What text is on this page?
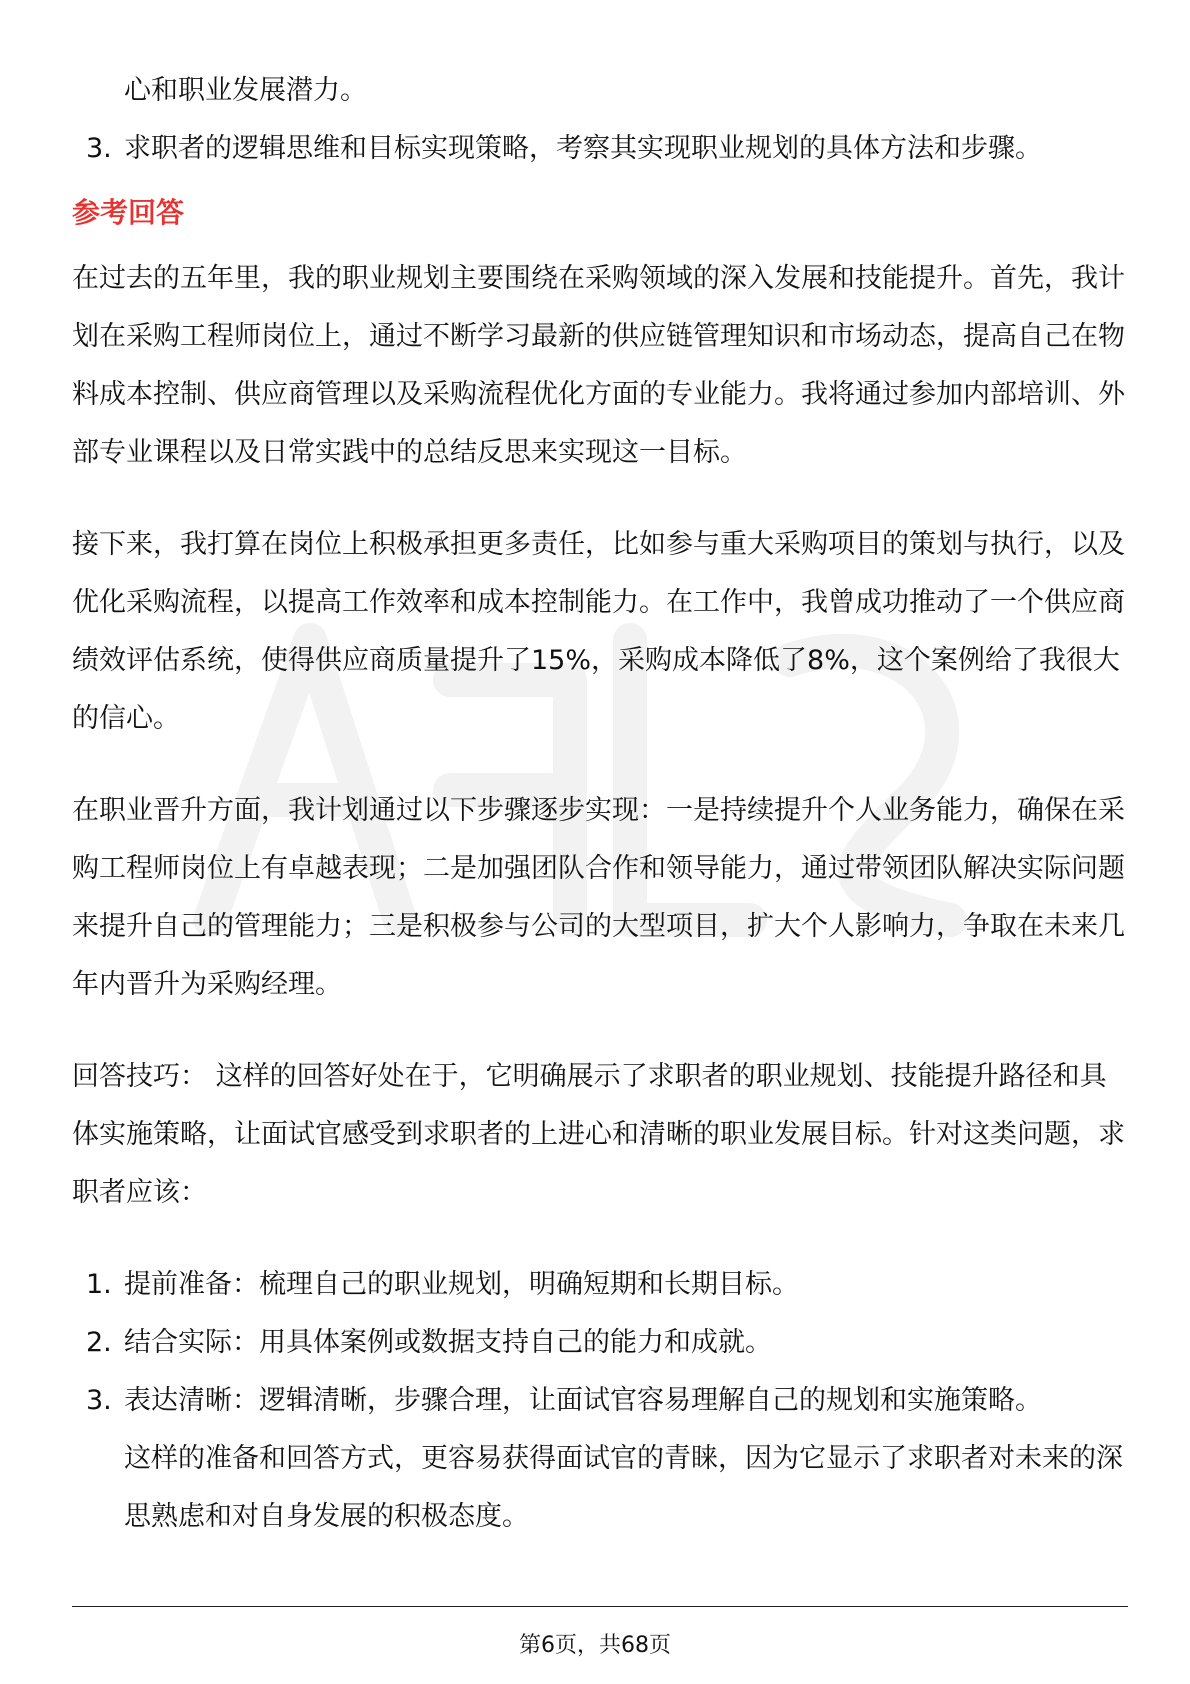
心和职业发展潜力。
3. 求职者的逻辑思维和目标实现策略，考察其实现职业规划的具体方法和步骤。
参考回答

在过去的五年里，我的职业规划主要围绕在采购领域的深入发展和技能提升。首先，我计划在采购工程师岗位上，通过不断学习最新的供应链管理知识和市场动态，提高自己在物料成本控制、供应商管理以及采购流程优化方面的专业能力。我将通过参加内部培训、外部专业课程以及日常实践中的总结反思来实现这一目标。

接下来，我打算在岗位上积极承担更多责任，比如参与重大采购项目的策划与执行，以及优化采购流程，以提高工作效率和成本控制能力。在工作中，我曾成功推动了一个供应商绩效评估系统，使得供应商质量提升了15%，采购成本降低了8%，这个案例给了我很大的信心。

在职业晋升方面，我计划通过以下步骤逐步实现：一是持续提升个人业务能力，确保在采购工程师岗位上有卓越表现；二是加强团队合作和领导能力，通过带领团队解决实际问题来提升自己的管理能力；三是积极参与公司的大型项目，扩大个人影响力，争取在未来几年内晋升为采购经理。

回答技巧： 这样的回答好处在于，它明确展示了求职者的职业规划、技能提升路径和具体实施策略，让面试官感受到求职者的上进心和清晰的职业发展目标。针对这类问题，求职者应该：

1. 提前准备：梳理自己的职业规划，明确短期和长期目标。
2. 结合实际：用具体案例或数据支持自己的能力和成就。
3. 表达清晰：逻辑清晰，步骤合理，让面试官容易理解自己的规划和实施策略。
这样的准备和回答方式，更容易获得面试官的青睐，因为它显示了求职者对未来的深思熟虑和对自身发展的积极态度。
第6页，共68页
